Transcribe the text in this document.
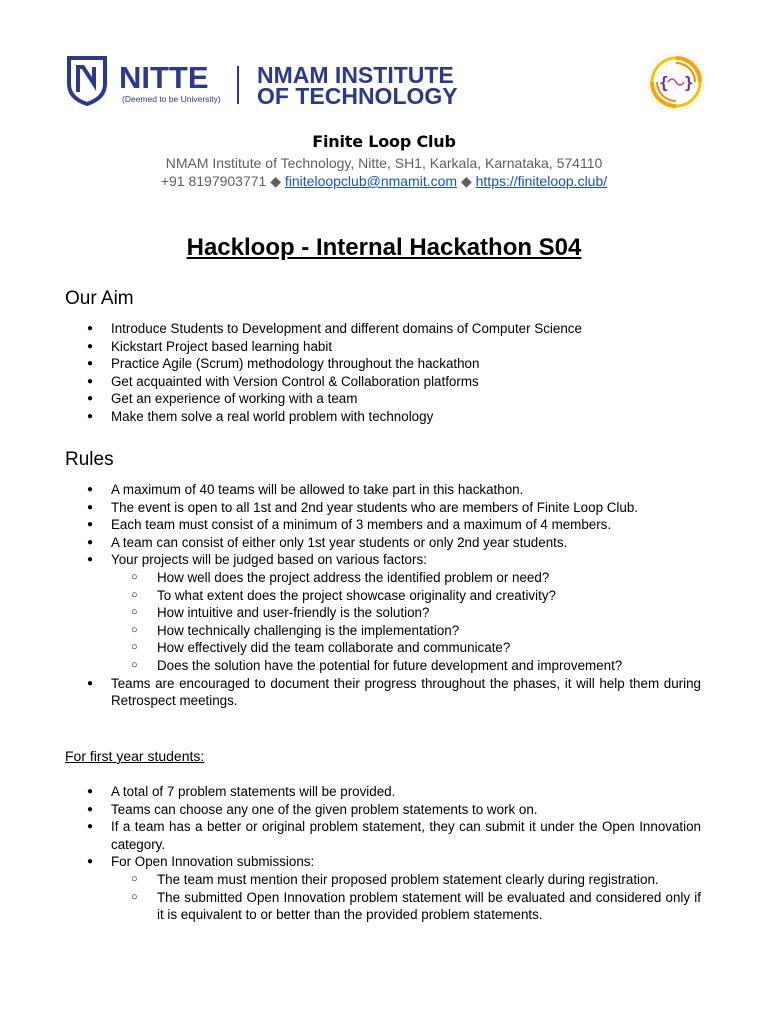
NITTE
(Deemed to be University)
NMAM INSTITUTE
OF TECHNOLOGY
{ }
Finite Loop Club
NMAM Institute of Technology, Nitte, SH1, Karkala, Karnataka, 574110
+91 8197903771 ◆ finiteloopclub@nmamit.com ◆ https://finiteloop.club/
Hackloop - Internal Hackathon S04
Our Aim
● Introduce Students to Development and different domains of Computer Science
● Kickstart Project based learning habit
● Practice Agile (Scrum) methodology throughout the hackathon
● Get acquainted with Version Control & Collaboration platforms
● Get an experience of working with a team
● Make them solve a real world problem with technology
Rules
● A maximum of 40 teams will be allowed to take part in this hackathon.
● The event is open to all 1st and 2nd year students who are members of Finite Loop Club.
● Each team must consist of a minimum of 3 members and a maximum of 4 members.
● A team can consist of either only 1st year students or only 2nd year students.
● Your projects will be judged based on various factors:
○ How well does the project address the identified problem or need?
○ To what extent does the project showcase originality and creativity?
○ How intuitive and user-friendly is the solution?
○ How technically challenging is the implementation?
○ How effectively did the team collaborate and communicate?
○ Does the solution have the potential for future development and improvement?
● Teams are encouraged to document their progress throughout the phases, it will help them during Retrospect meetings.
For first year students:
● A total of 7 problem statements will be provided.
● Teams can choose any one of the given problem statements to work on.
● If a team has a better or original problem statement, they can submit it under the Open Innovation category.
● For Open Innovation submissions:
○ The team must mention their proposed problem statement clearly during registration.
○ The submitted Open Innovation problem statement will be evaluated and considered only if it is equivalent to or better than the provided problem statements.
